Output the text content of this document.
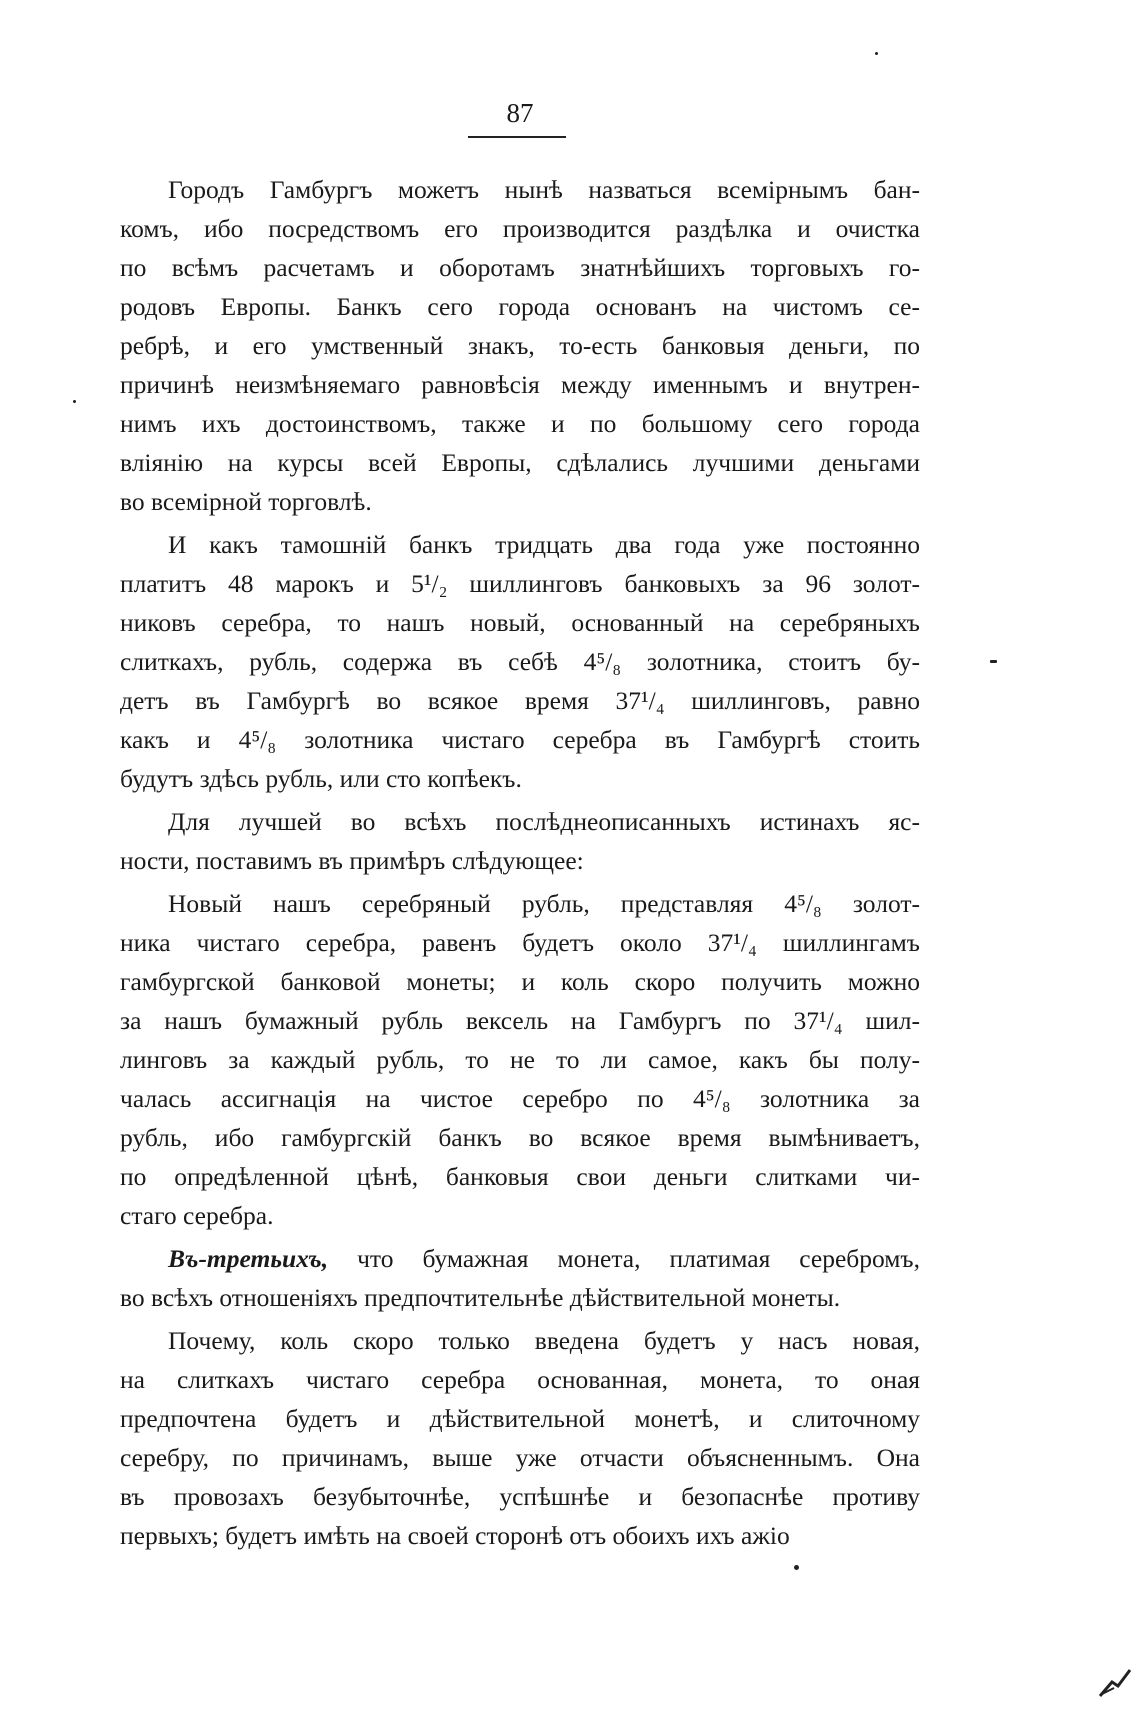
87
Городъ Гамбургъ можетъ нынѣ назваться всемірнымъ бан-
комъ, ибо посредствомъ его производится раздѣлка и очистка
по всѣмъ расчетамъ и оборотамъ знатнѣйшихъ торговыхъ го-
родовъ Европы. Банкъ сего города основанъ на чистомъ се-
ребрѣ, и его умственный знакъ, то-есть банковыя деньги, по
причинѣ неизмѣняемаго равновѣсія между именнымъ и внутрен-
нимъ ихъ достоинствомъ, также и по большому сего города
вліянію на курсы всей Европы, сдѣлались лучшими деньгами
во всемірной торговлѣ.
И какъ тамошній банкъ тридцать два года уже постоянно
платитъ 48 марокъ и 5¹/₂ шиллинговъ банковыхъ за 96 золот-
никовъ серебра, то нашъ новый, основанный на серебряныхъ
слиткахъ, рубль, содержа въ себѣ 4⁵/₈ золотника, стоитъ бу-
детъ въ Гамбургѣ во всякое время 37¹/₄ шиллинговъ, равно
какъ и 4⁵/₈ золотника чистаго серебра въ Гамбургѣ стоить
будутъ здѣсь рубль, или сто копѣекъ.
Для лучшей во всѣхъ послѣднеописанныхъ истинахъ яс-
ности, поставимъ въ примѣръ слѣдующее:
Новый нашъ серебряный рубль, представляя 4⁵/₈ золот-
ника чистаго серебра, равенъ будетъ около 37¹/₄ шиллингамъ
гамбургской банковой монеты; и коль скоро получить можно
за нашъ бумажный рубль вексель на Гамбургъ по 37¹/₄ шил-
линговъ за каждый рубль, то не то ли самое, какъ бы полу-
чалась ассигнація на чистое серебро по 4⁵/₈ золотника за
рубль, ибо гамбургскій банкъ во всякое время вымѣниваетъ,
по опредѣленной цѣнѣ, банковыя свои деньги слитками чи-
стаго серебра.
Въ-третьихъ, что бумажная монета, платимая серебромъ,
во всѣхъ отношеніяхъ предпочтительнѣе дѣйствительной монеты.
Почему, коль скоро только введена будетъ у насъ новая,
на слиткахъ чистаго серебра основанная, монета, то оная
предпочтена будетъ и дѣйствительной монетѣ, и слиточному
серебру, по причинамъ, выше уже отчасти объясненнымъ. Она
въ провозахъ безубыточнѣе, успѣшнѣе и безопаснѣе противу
первыхъ; будетъ имѣть на своей сторонѣ отъ обоихъ ихъ ажіо
